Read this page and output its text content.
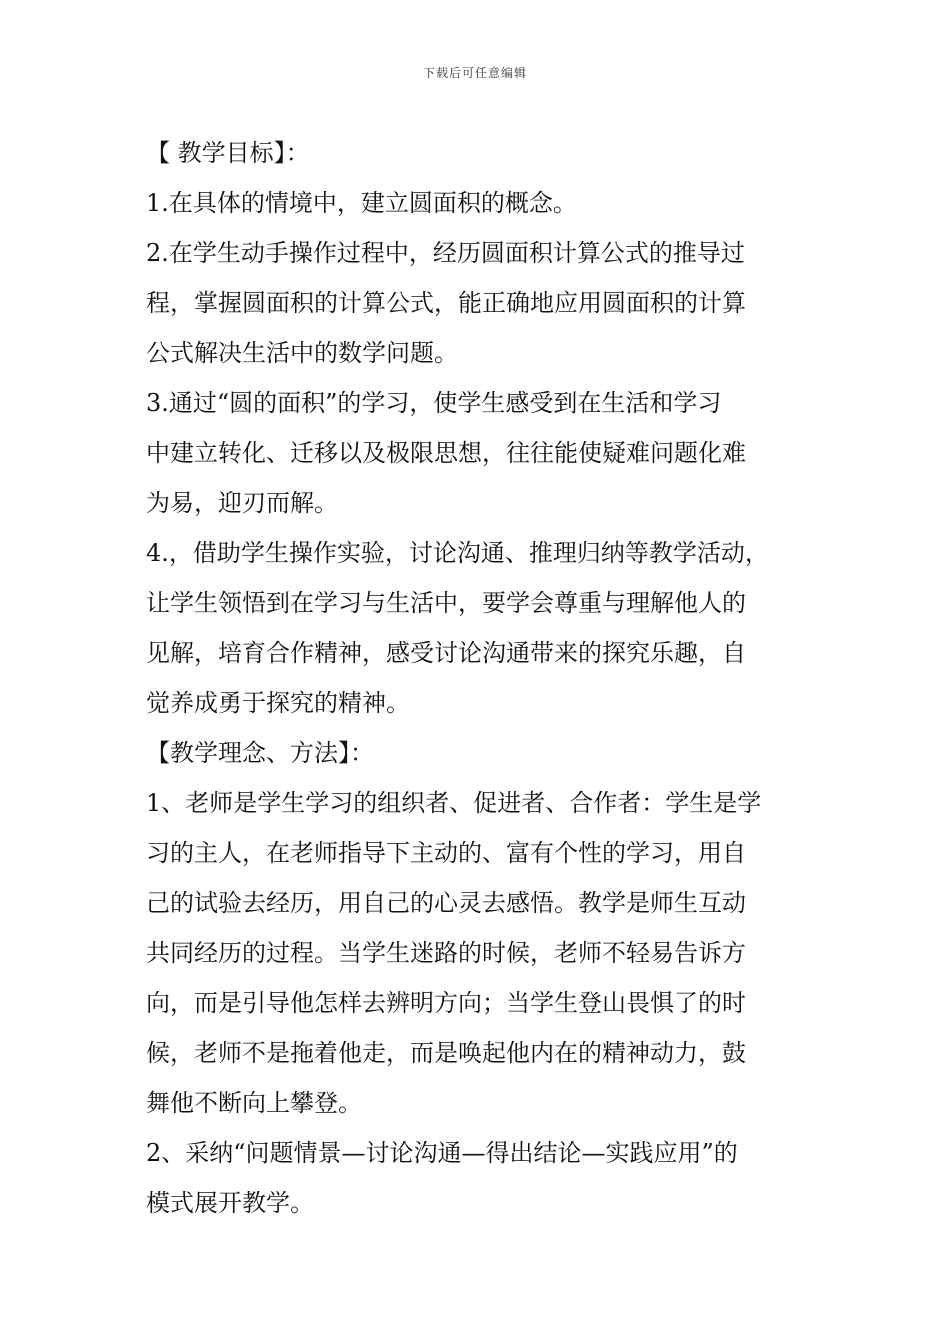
下载后可任意编辑
【 教学目标】：
1.在具体的情境中，建立圆面积的概念。
2.在学生动手操作过程中，经历圆面积计算公式的推导过
程，掌握圆面积的计算公式，能正确地应用圆面积的计算
公式解决生活中的数学问题。
3.通过“圆的面积”的学习，使学生感受到在生活和学习
中建立转化、迁移以及极限思想，往往能使疑难问题化难
为易，迎刃而解。
4.，借助学生操作实验，讨论沟通、推理归纳等教学活动，
让学生领悟到在学习与生活中，要学会尊重与理解他人的
见解，培育合作精神，感受讨论沟通带来的探究乐趣，自
觉养成勇于探究的精神。
【教学理念、方法】：
1、老师是学生学习的组织者、促进者、合作者：学生是学
习的主人，在老师指导下主动的、富有个性的学习，用自
己的试验去经历，用自己的心灵去感悟。教学是师生互动
共同经历的过程。当学生迷路的时候，老师不轻易告诉方
向，而是引导他怎样去辨明方向；当学生登山畏惧了的时
候，老师不是拖着他走，而是唤起他内在的精神动力，鼓
舞他不断向上攀登。
2、采纳“问题情景—讨论沟通—得出结论—实践应用”的
模式展开教学。
